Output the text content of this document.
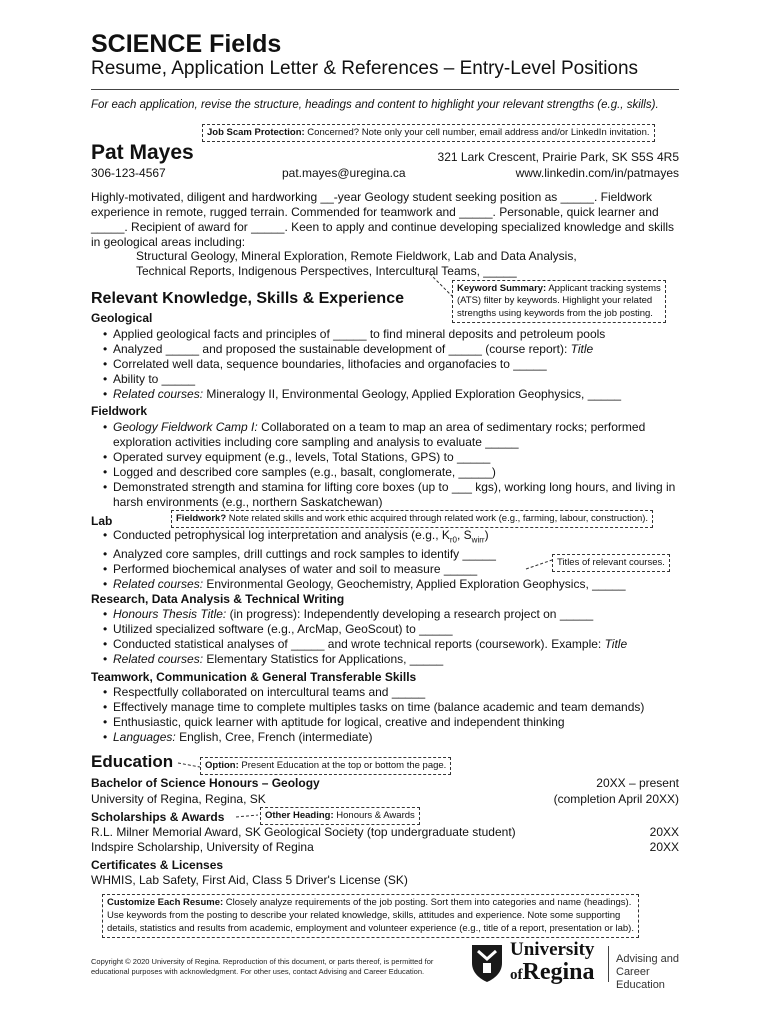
SCIENCE Fields
Resume, Application Letter & References – Entry-Level Positions
For each application, revise the structure, headings and content to highlight your relevant strengths (e.g., skills).
Job Scam Protection: Concerned? Note only your cell number, email address and/or LinkedIn invitation.
Pat Mayes	321 Lark Crescent, Prairie Park, SK S5S 4R5
306-123-4567	pat.mayes@uregina.ca	www.linkedin.com/in/patmayes
Highly-motivated, diligent and hardworking __-year Geology student seeking position as _____. Fieldwork experience in remote, rugged terrain. Commended for teamwork and _____. Personable, quick learner and _____. Recipient of award for _____. Keen to apply and continue developing specialized knowledge and skills in geological areas including:
Structural Geology, Mineral Exploration, Remote Fieldwork, Lab and Data Analysis,
Technical Reports, Indigenous Perspectives, Intercultural Teams, _____
Keyword Summary: Applicant tracking systems
(ATS) filter by keywords. Highlight your related
strengths using keywords from the job posting.
Relevant Knowledge, Skills & Experience
Geological
• Applied geological facts and principles of _____ to find mineral deposits and petroleum pools
• Analyzed _____ and proposed the sustainable development of _____ (course report): Title
• Correlated well data, sequence boundaries, lithofacies and organofacies to _____
• Ability to _____
• Related courses: Mineralogy II, Environmental Geology, Applied Exploration Geophysics, _____
Fieldwork
• Geology Fieldwork Camp I: Collaborated on a team to map an area of sedimentary rocks; performed exploration activities including core sampling and analysis to evaluate _____
• Operated survey equipment (e.g., levels, Total Stations, GPS) to _____
• Logged and described core samples (e.g., basalt, conglomerate, _____)
• Demonstrated strength and stamina for lifting core boxes (up to ___ kgs), working long hours, and living in harsh environments (e.g., northern Saskatchewan)
Lab	Fieldwork? Note related skills and work ethic acquired through related work (e.g., farming, labour, construction).
• Conducted petrophysical log interpretation and analysis (e.g., $K_{r0}$, $S_{wirr}$)
• Analyzed core samples, drill cuttings and rock samples to identify _____
• Performed biochemical analyses of water and soil to measure _____
• Related courses: Environmental Geology, Geochemistry, Applied Exploration Geophysics, _____
Titles of relevant courses.
Research, Data Analysis & Technical Writing
• Honours Thesis Title: (in progress): Independently developing a research project on _____
• Utilized specialized software (e.g., ArcMap, GeoScout) to _____
• Conducted statistical analyses of _____ and wrote technical reports (coursework). Example: Title
• Related courses: Elementary Statistics for Applications, _____
Teamwork, Communication & General Transferable Skills
• Respectfully collaborated on intercultural teams and _____
• Effectively manage time to complete multiples tasks on time (balance academic and team demands)
• Enthusiastic, quick learner with aptitude for logical, creative and independent thinking
• Languages: English, Cree, French (intermediate)
Education	Option: Present Education at the top or bottom the page.
Bachelor of Science Honours – Geology	20XX – present
University of Regina, Regina, SK	(completion April 20XX)
Scholarships & Awards	Other Heading: Honours & Awards
R.L. Milner Memorial Award, SK Geological Society (top undergraduate student)	20XX
Indspire Scholarship, University of Regina	20XX
Certificates & Licenses
WHMIS, Lab Safety, First Aid, Class 5 Driver's License (SK)
Customize Each Resume: Closely analyze requirements of the job posting. Sort them into categories and name (headings).
Use keywords from the posting to describe your related knowledge, skills, attitudes and experience. Note some supporting
details, statistics and results from academic, employment and volunteer experience (e.g., title of a report, presentation or lab).
Copyright © 2020 University of Regina. Reproduction of this document, or parts thereof, is permitted for
educational purposes with acknowledgment. For other uses, contact Advising and Career Education.
University
ofRegina Advising and
Career Education
